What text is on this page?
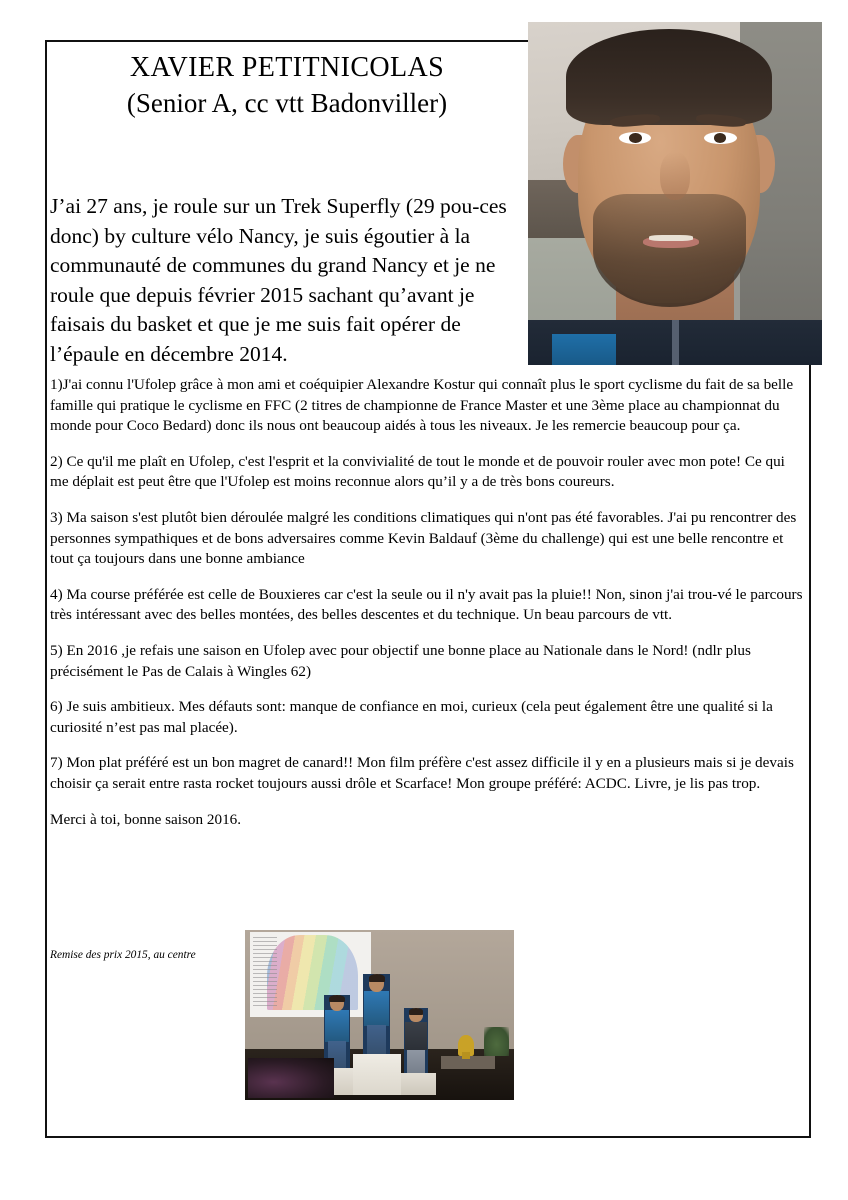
XAVIER PETITNICOLAS
(Senior A, cc vtt Badonviller)
J’ai 27 ans, je roule sur un Trek Superfly (29 pou-ces donc) by culture vélo Nancy, je suis égoutier à la communauté de communes du grand Nancy et je ne roule que depuis février 2015 sachant qu’avant je faisais du basket et que je me suis fait opérer de l’épaule en décembre 2014.

1)J'ai connu l'Ufolep grâce à mon ami et coéquipier Alexandre Kostur qui connaît plus le sport cyclisme du fait de sa belle famille qui pratique le cyclisme en FFC (2 titres de championne de France Master et une 3ème place au championnat du monde pour Coco Bedard) donc ils nous ont beaucoup aidés à tous les niveaux. Je les remercie beaucoup pour ça.

2) Ce qu'il me plaît en Ufolep, c'est l'esprit et la convivialité de tout le monde et de pouvoir rouler avec mon pote! Ce qui me déplait est peut être que l'Ufolep est moins reconnue alors qu’il y a de très bons coureurs.

3) Ma saison s'est plutôt bien déroulée malgré les conditions climatiques qui n'ont pas été favorables. J'ai pu rencontrer des personnes sympathiques et de bons adversaires comme Kevin Baldauf (3ème du challenge) qui est une belle rencontre et tout ça toujours dans une bonne ambiance

4) Ma course préférée est celle de Bouxieres car c'est la seule ou il n'y avait pas la pluie!! Non, sinon j'ai trou-vé le parcours très intéressant avec des belles montées, des belles descentes et du technique. Un beau parcours de vtt.

5) En 2016 ,je refais une saison en Ufolep avec pour objectif une bonne place au Nationale dans le Nord! (ndlr plus précisément le Pas de Calais à Wingles 62)

6) Je suis ambitieux. Mes défauts sont: manque de confiance en moi, curieux (cela peut également être une qualité si la curiosité n’est pas mal placée).

7) Mon plat préféré est un bon magret de canard!! Mon film préfère c'est assez difficile il y en a plusieurs mais si je devais choisir ça serait entre rasta rocket toujours aussi drôle et Scarface! Mon groupe préféré: ACDC. Livre, je lis pas trop.

Merci à toi, bonne saison 2016.

Remise des prix 2015, au centre
